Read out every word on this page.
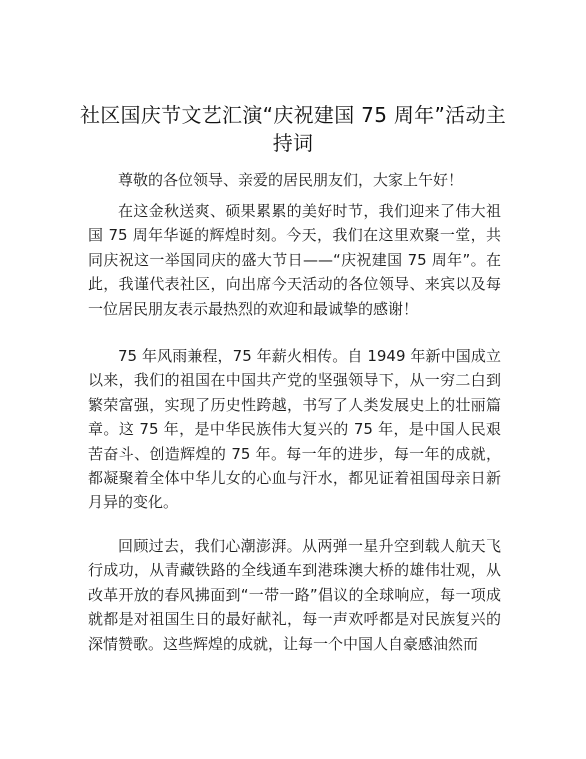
社区国庆节文艺汇演“庆祝建国 75 周年”活动主持词

尊敬的各位领导、亲爱的居民朋友们，大家上午好！

在这金秋送爽、硕果累累的美好时节，我们迎来了伟大祖国 75 周年华诞的辉煌时刻。今天，我们在这里欢聚一堂，共同庆祝这一举国同庆的盛大节日——“庆祝建国 75 周年”。在此，我谨代表社区，向出席今天活动的各位领导、来宾以及每一位居民朋友表示最热烈的欢迎和最诚挚的感谢！

75 年风雨兼程，75 年薪火相传。自 1949 年新中国成立以来，我们的祖国在中国共产党的坚强领导下，从一穷二白到繁荣富强，实现了历史性跨越，书写了人类发展史上的壮丽篇章。这 75 年，是中华民族伟大复兴的 75 年，是中国人民艰苦奋斗、创造辉煌的 75 年。每一年的进步，每一年的成就，都凝聚着全体中华儿女的心血与汗水，都见证着祖国母亲日新月异的变化。

回顾过去，我们心潮澎湃。从两弹一星升空到载人航天飞行成功，从青藏铁路的全线通车到港珠澳大桥的雄伟壮观，从改革开放的春风拂面到“一带一路”倡议的全球响应，每一项成就都是对祖国生日的最好献礼，每一声欢呼都是对民族复兴的深情赞歌。这些辉煌的成就，让每一个中国人自豪感油然而
